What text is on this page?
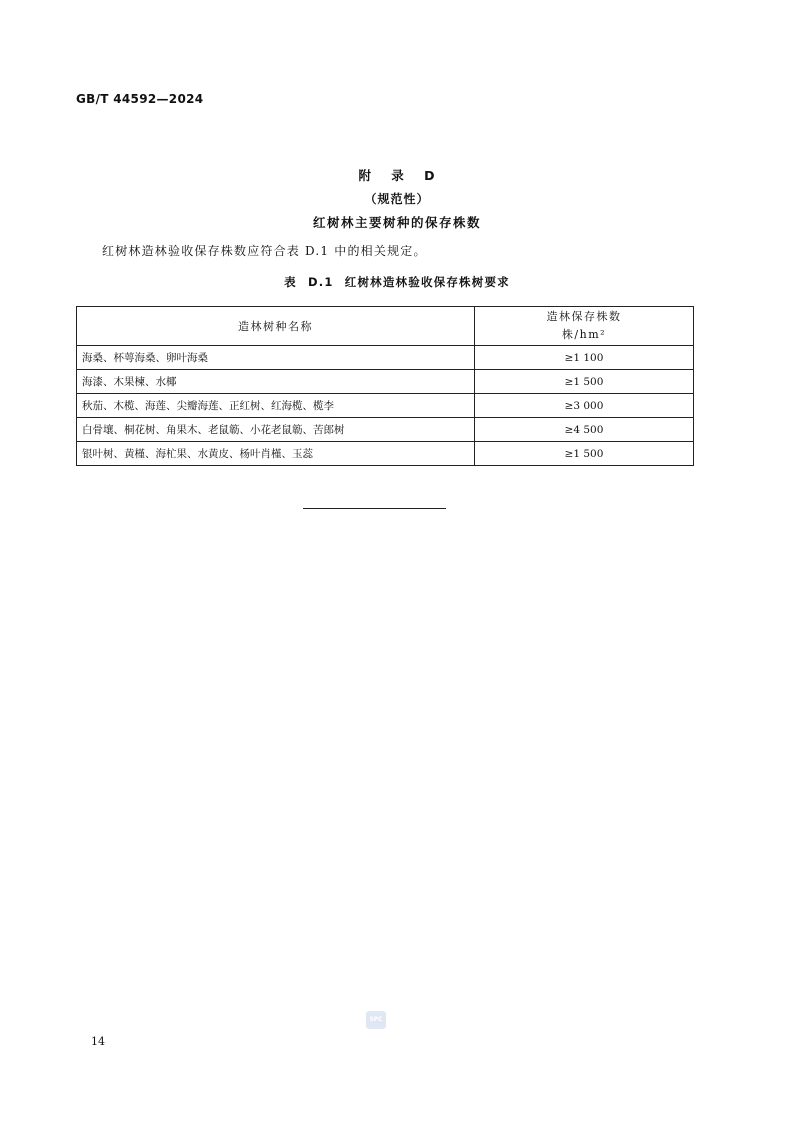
GB/T 44592—2024
附 录 D
（规范性）
红树林主要树种的保存株数
红树林造林验收保存株数应符合表 D.1 中的相关规定。
表 D.1 红树林造林验收保存株树要求
造林树种名称	造林保存株数
株/hm²

海桑、杯萼海桑、卵叶海桑	≥1 100
海漆、木果楝、水椰	≥1 500
秋茄、木榄、海莲、尖瓣海莲、正红树、红海榄、榄李	≥3 000
白骨壤、桐花树、角果木、老鼠簕、小花老鼠簕、苦郎树	≥4 500
银叶树、黄槿、海杧果、水黄皮、杨叶肖槿、玉蕊	≥1 500
SPC
14
